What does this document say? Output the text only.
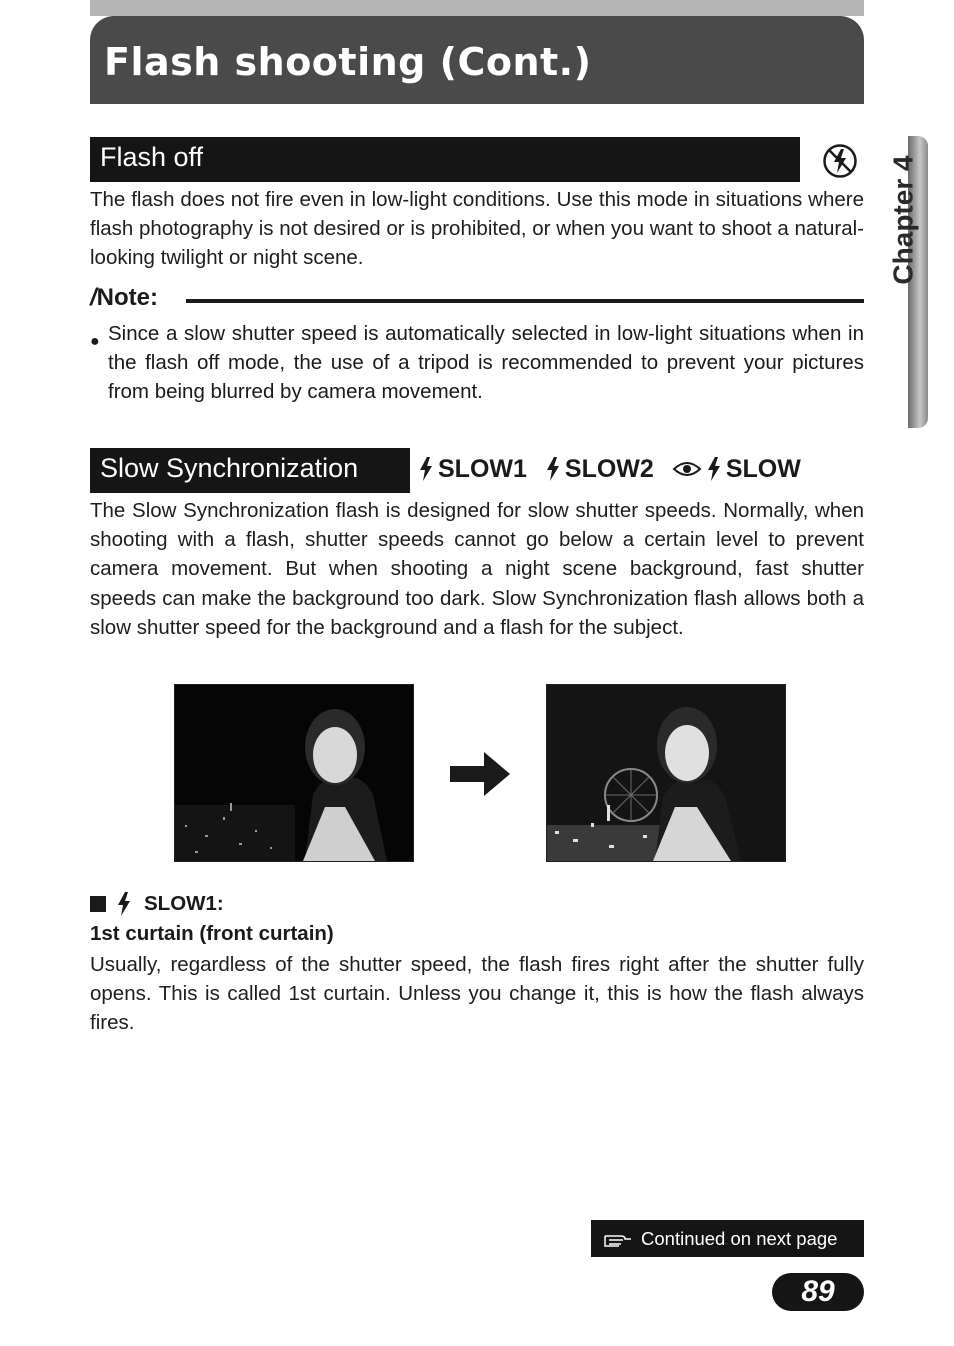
Flash shooting (Cont.)
Chapter 4
Flash off

The flash does not fire even in low-light conditions. Use this mode in situations where flash photography is not desired or is prohibited, or when you want to shoot a natural-looking twilight or night scene.

/Note:
● Since a slow shutter speed is automatically selected in low-light situations when in the flash off mode, the use of a tripod is recommended to prevent your pictures from being blurred by camera movement.

Slow Synchronization	SLOW1 SLOW2	SLOW

The Slow Synchronization flash is designed for slow shutter speeds. Normally, when shooting with a flash, shutter speeds cannot go below a certain level to prevent camera movement. But when shooting a night scene background, fast shutter speeds can make the background too dark. Slow Synchronization flash allows both a slow shutter speed for the background and a flash for the subject.

SLOW1:
1st curtain (front curtain)

Usually, regardless of the shutter speed, the flash fires right after the shutter fully opens. This is called 1st curtain. Unless you change it, this is how the flash always fires.

Continued on next page
89
